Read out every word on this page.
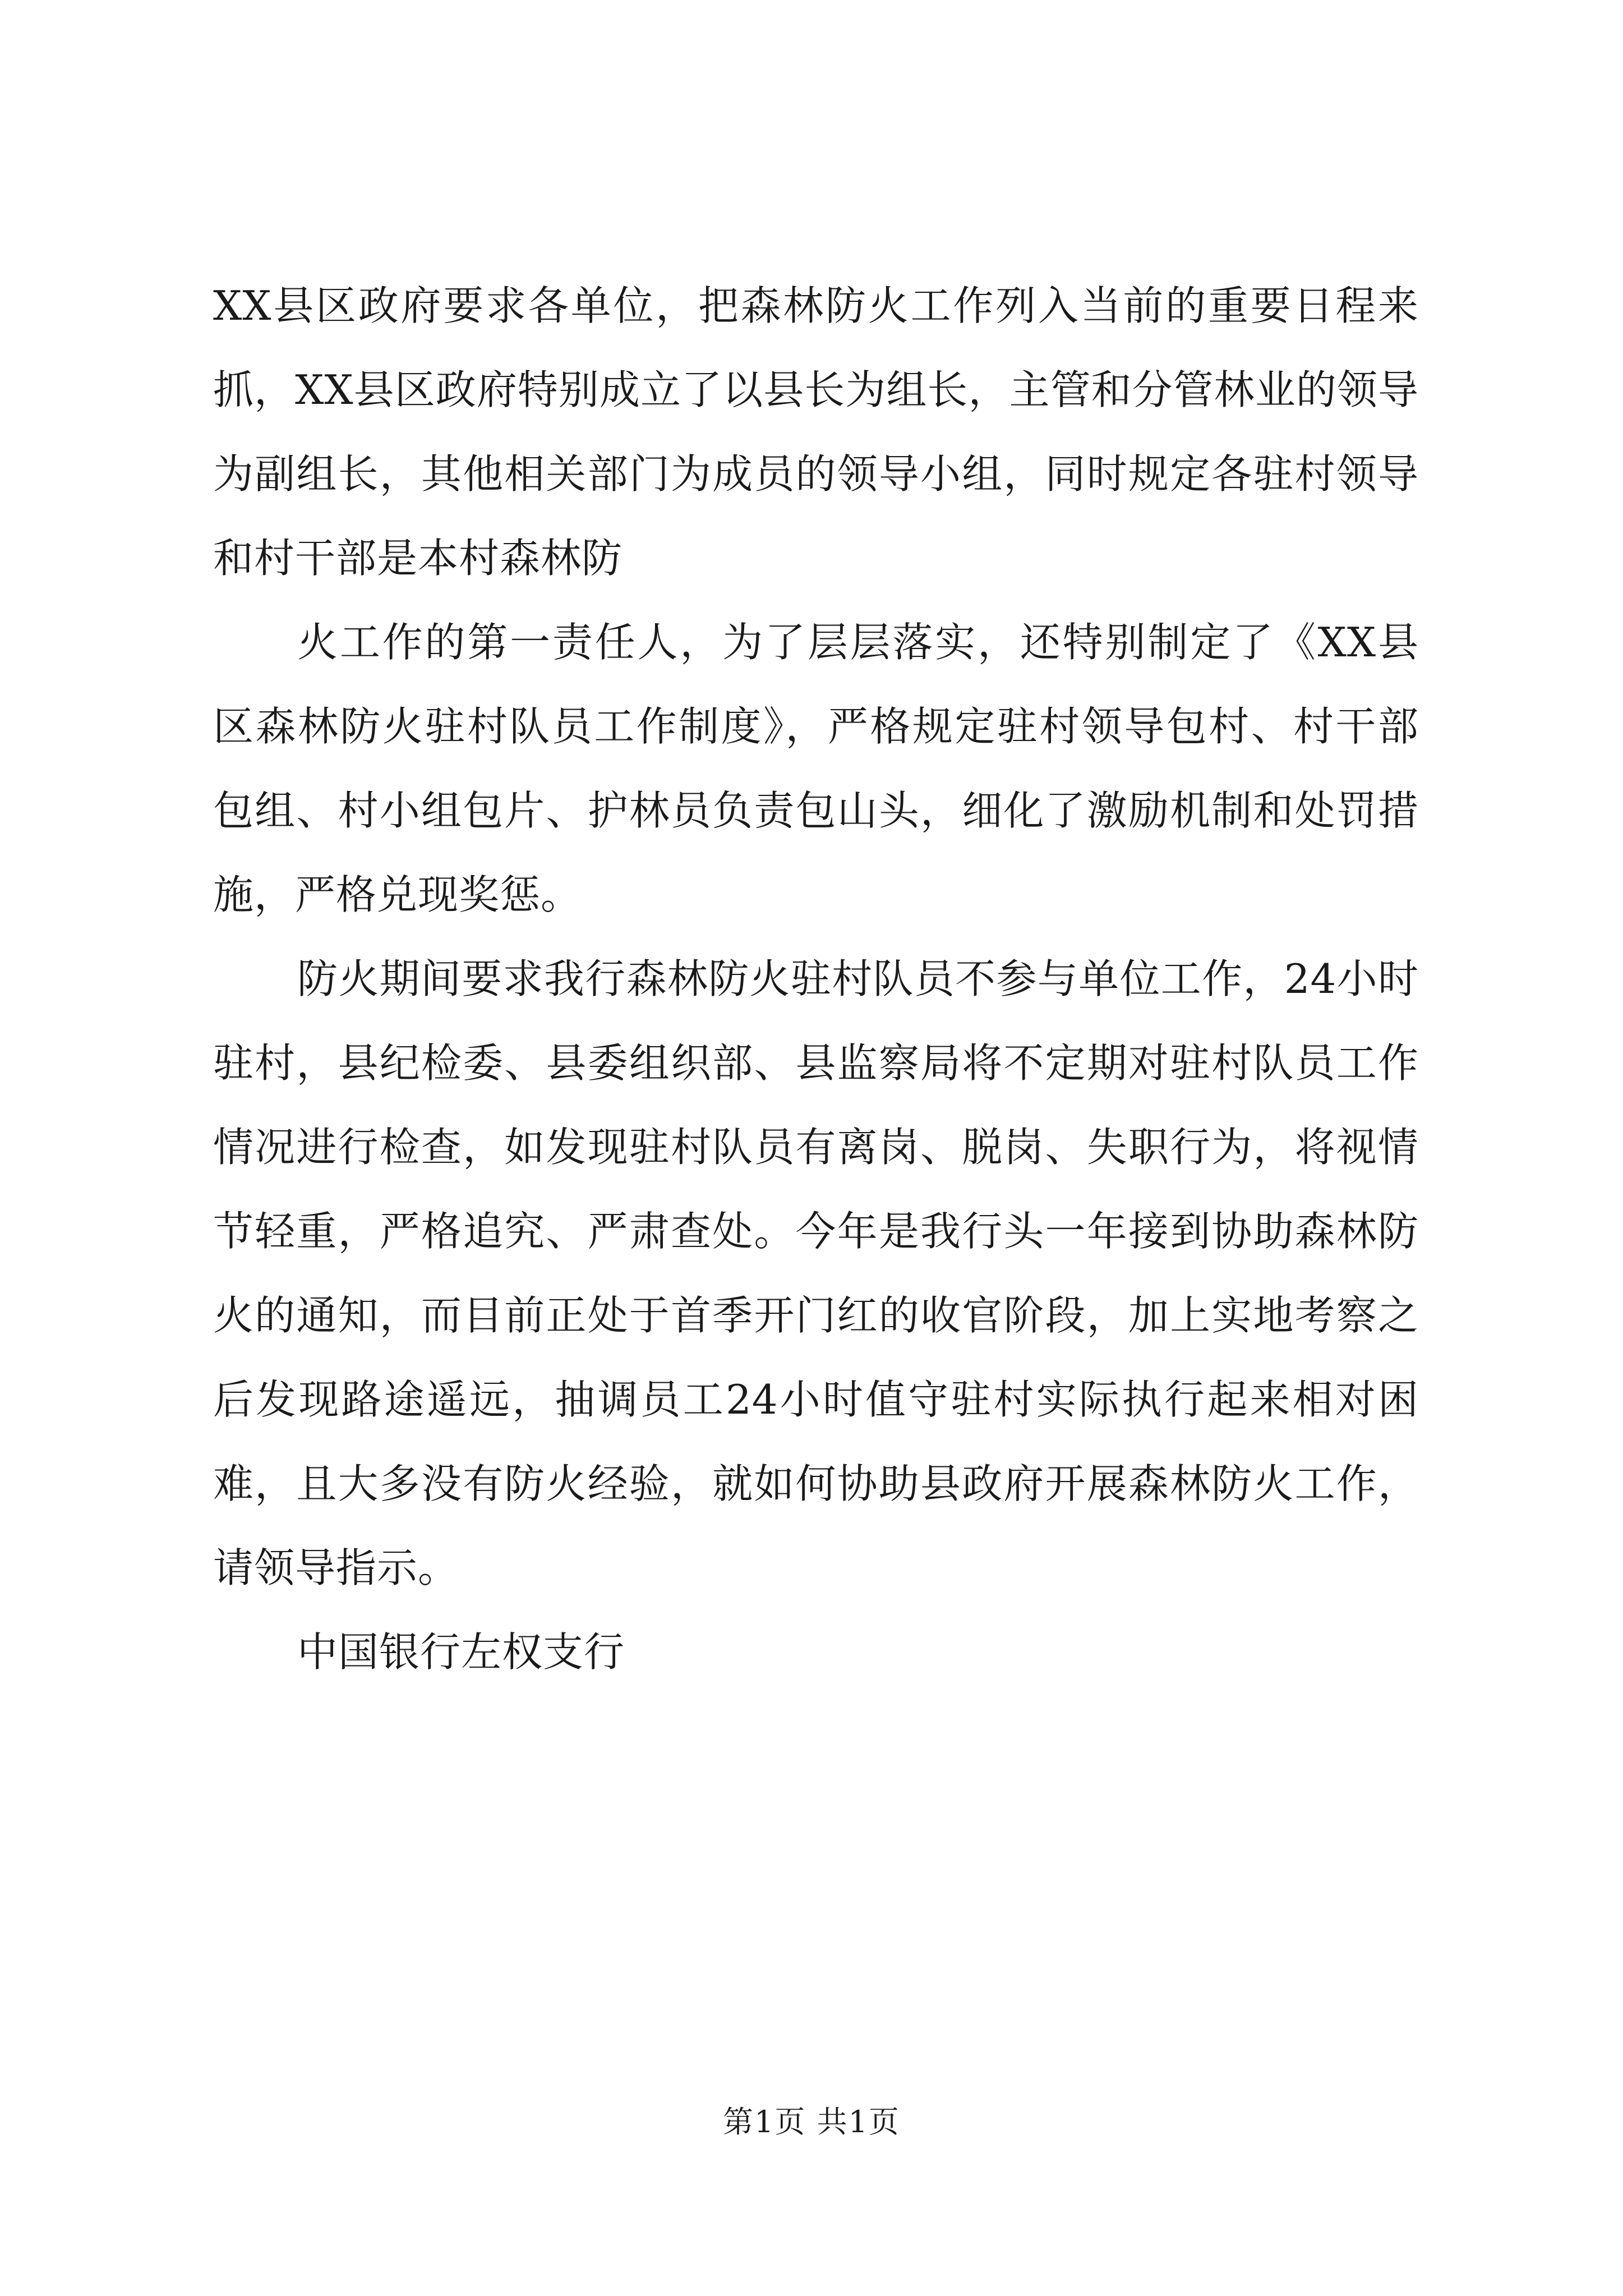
XX县区政府要求各单位，把森林防火工作列入当前的重要日程来抓，XX县区政府特别成立了以县长为组长，主管和分管林业的领导为副组长，其他相关部门为成员的领导小组，同时规定各驻村领导和村干部是本村森林防

火工作的第一责任人，为了层层落实，还特别制定了《XX县区森林防火驻村队员工作制度》，严格规定驻村领导包村、村干部包组、村小组包片、护林员负责包山头，细化了激励机制和处罚措施，严格兑现奖惩。

防火期间要求我行森林防火驻村队员不参与单位工作，24小时驻村，县纪检委、县委组织部、县监察局将不定期对驻村队员工作情况进行检查，如发现驻村队员有离岗、脱岗、失职行为，将视情节轻重，严格追究、严肃查处。今年是我行头一年接到协助森林防火的通知，而目前正处于首季开门红的收官阶段，加上实地考察之后发现路途遥远，抽调员工24小时值守驻村实际执行起来相对困难，且大多没有防火经验，就如何协助县政府开展森林防火工作，请领导指示。

中国银行左权支行

第1页 共1页
